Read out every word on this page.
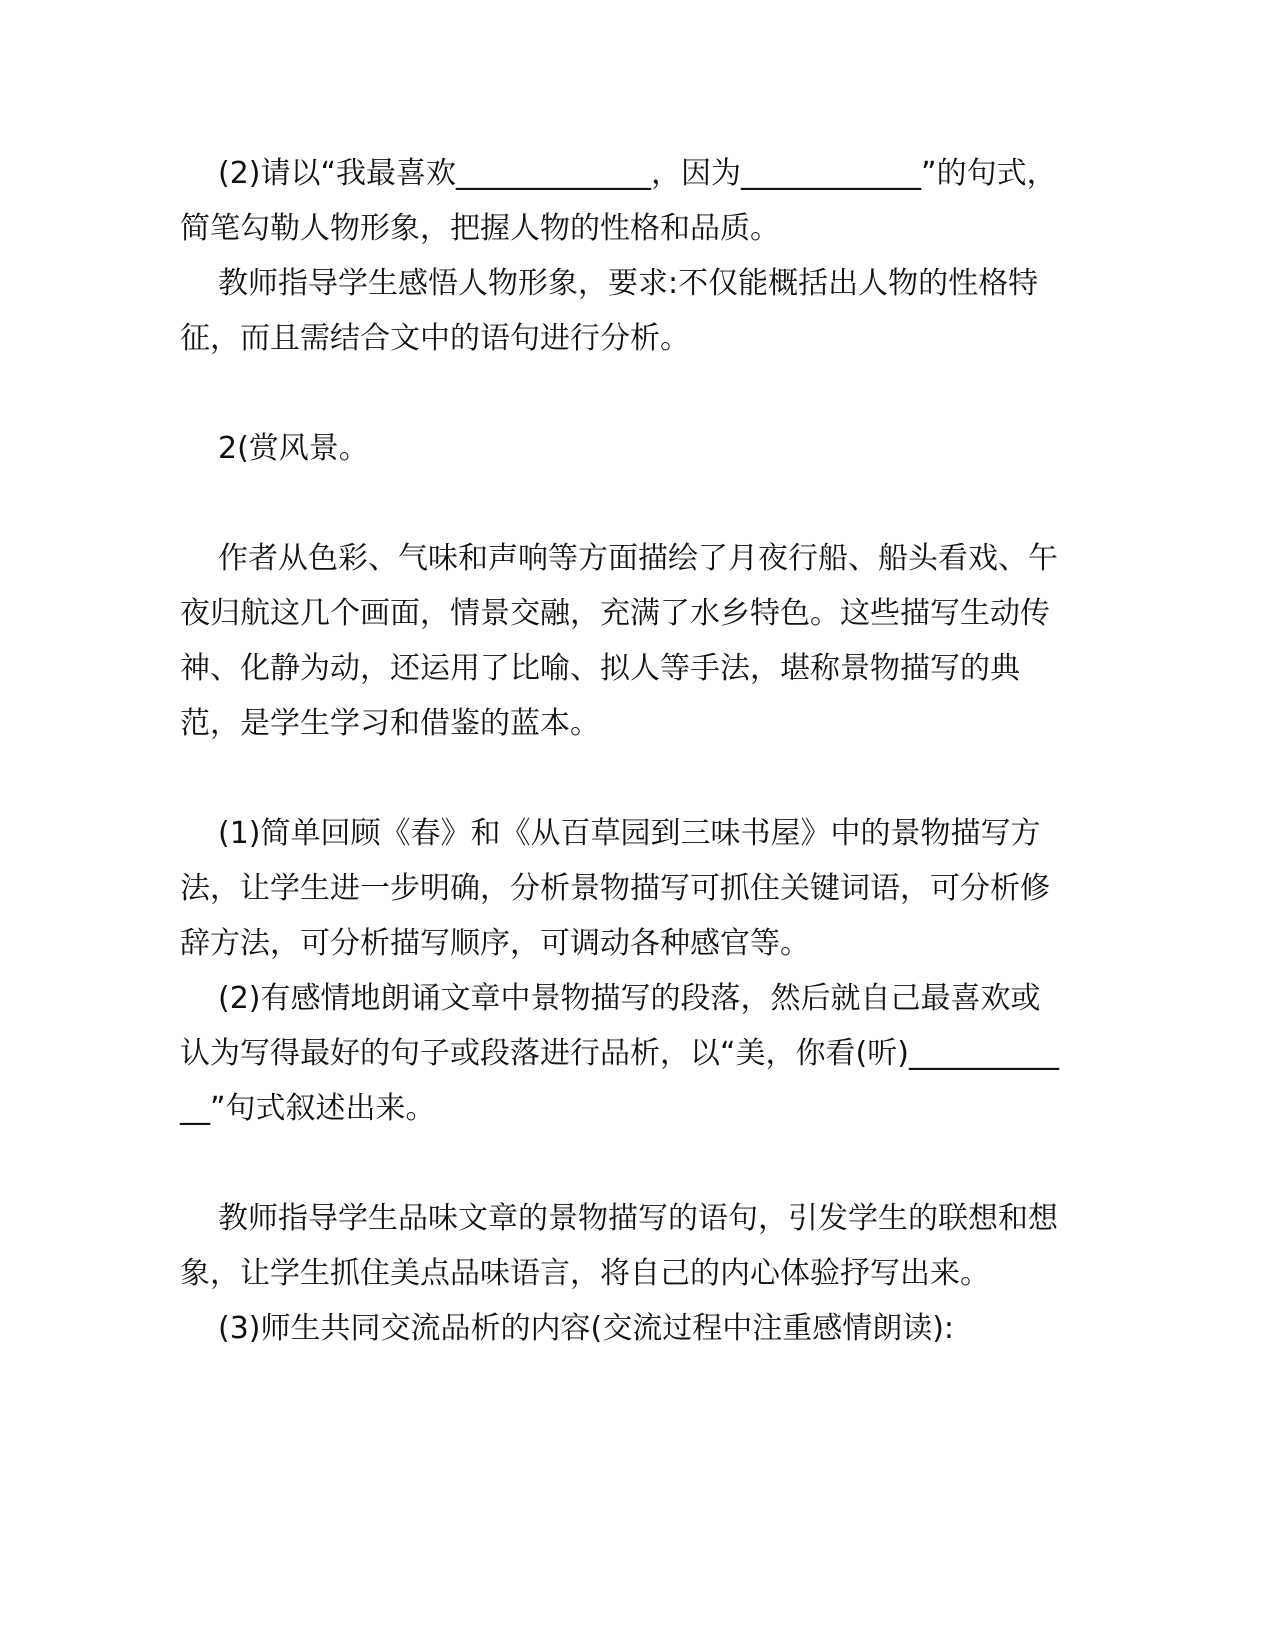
(2)请以“我最喜欢_____________，因为____________”的句式，简笔勾勒人物形象，把握人物的性格和品质。

教师指导学生感悟人物形象，要求:不仅能概括出人物的性格特征，而且需结合文中的语句进行分析。

2(赏风景。

作者从色彩、气味和声响等方面描绘了月夜行船、船头看戏、午夜归航这几个画面，情景交融，充满了水乡特色。这些描写生动传神、化静为动，还运用了比喻、拟人等手法，堪称景物描写的典范，是学生学习和借鉴的蓝本。

(1)简单回顾《春》和《从百草园到三味书屋》中的景物描写方法，让学生进一步明确，分析景物描写可抓住关键词语，可分析修辞方法，可分析描写顺序，可调动各种感官等。

(2)有感情地朗诵文章中景物描写的段落，然后就自己最喜欢或认为写得最好的句子或段落进行品析，以“美，你看(听)____________”句式叙述出来。

教师指导学生品味文章的景物描写的语句，引发学生的联想和想象，让学生抓住美点品味语言，将自己的内心体验抒写出来。

(3)师生共同交流品析的内容(交流过程中注重感情朗读):
